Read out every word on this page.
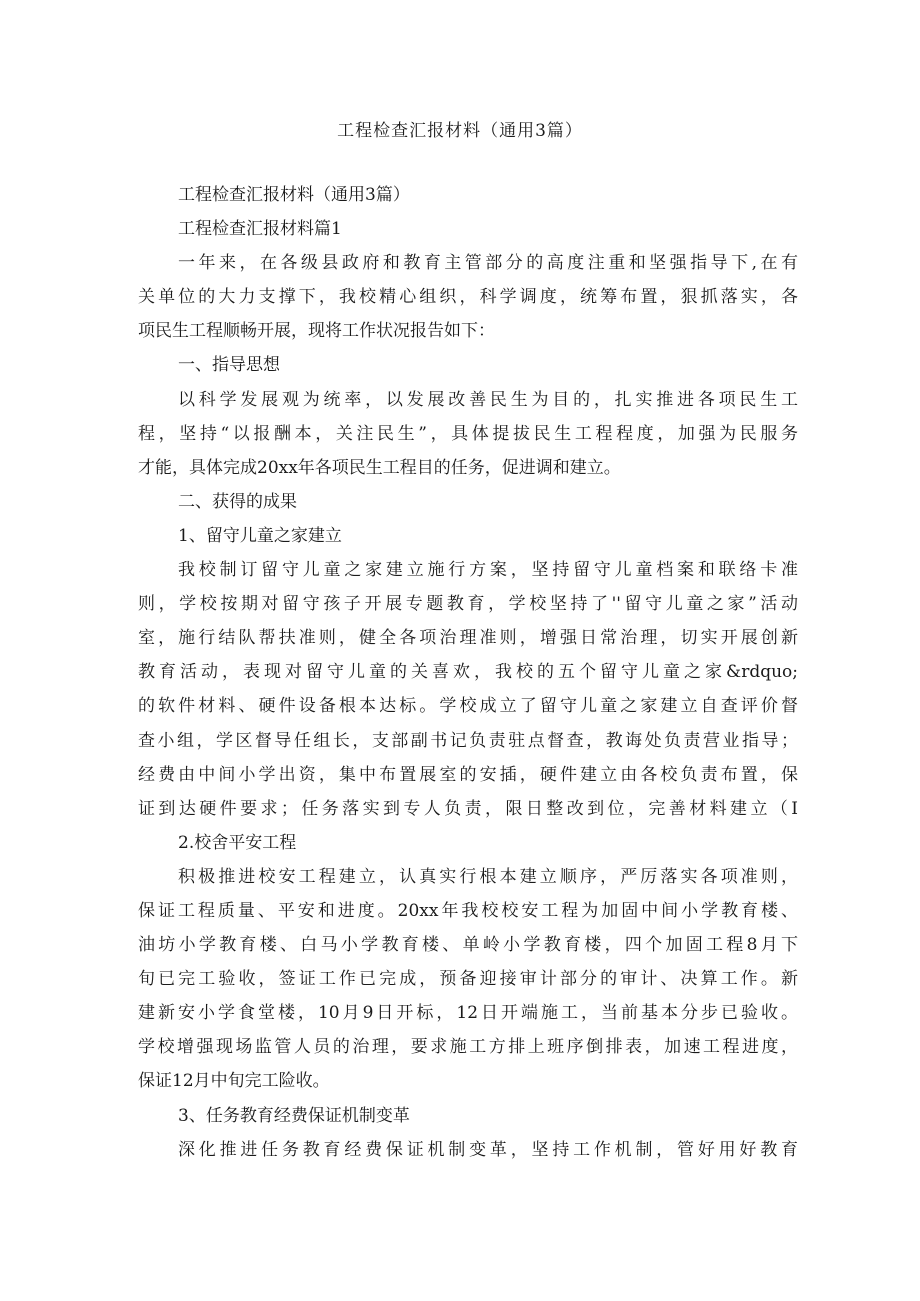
工程检查汇报材料（通用3篇）
工程检查汇报材料（通用3篇）
工程检查汇报材料篇1
一年来，在各级县政府和教育主管部分的高度注重和坚强指导下,在有
关单位的大力支撑下，我校精心组织，科学调度，统筹布置，狠抓落实，各
项民生工程顺畅开展，现将工作状况报告如下：
一、指导思想
以科学发展观为统率，以发展改善民生为目的，扎实推进各项民生工
程，坚持“以报酬本，关注民生”，具体提拔民生工程程度，加强为民服务
才能，具体完成20xx年各项民生工程目的任务，促进调和建立。
二、获得的成果
1、留守儿童之家建立
我校制订留守儿童之家建立施行方案，坚持留守儿童档案和联络卡准
则，学校按期对留守孩子开展专题教育，学校坚持了''留守儿童之家”活动
室，施行结队帮扶准则，健全各项治理准则，增强日常治理，切实开展创新
教育活动，表现对留守儿童的关喜欢，我校的五个留守儿童之家&rdquo;
的软件材料、硬件设备根本达标。学校成立了留守儿童之家建立自查评价督
查小组，学区督导任组长，支部副书记负责驻点督查，教诲处负责营业指导；
经费由中间小学出资，集中布置展室的安插，硬件建立由各校负责布置，保
证到达硬件要求；任务落实到专人负责，限日整改到位，完善材料建立（I
2.校舍平安工程
积极推进校安工程建立，认真实行根本建立顺序，严厉落实各项准则，
保证工程质量、平安和进度。20xx年我校校安工程为加固中间小学教育楼、
油坊小学教育楼、白马小学教育楼、单岭小学教育楼，四个加固工程8月下
旬已完工验收，签证工作已完成，预备迎接审计部分的审计、决算工作。新
建新安小学食堂楼，10月9日开标，12日开端施工，当前基本分步已验收。
学校增强现场监管人员的治理，要求施工方排上班序倒排表，加速工程进度，
保证12月中旬完工险收。
3、任务教育经费保证机制变革
深化推进任务教育经费保证机制变革，坚持工作机制，管好用好教育
